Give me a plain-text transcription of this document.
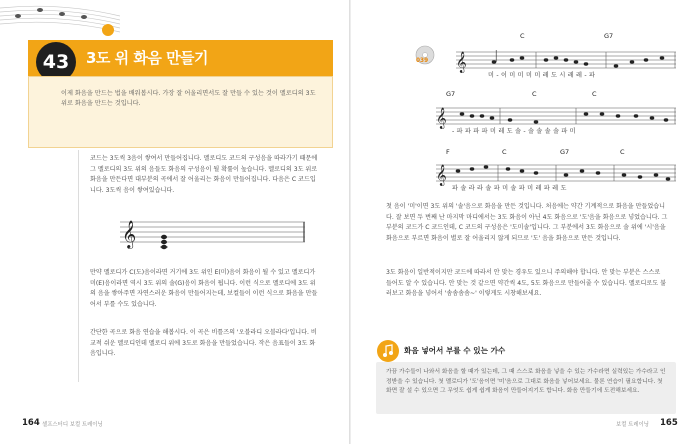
43	3도 위 화음 만들기
이제 화음을 만드는 법을 배워봅시다. 가장 잘 어울리면서도 잘 만들 수 있는 것이 멜로디의 3도 위로 화음을 만드는 것입니다.
코드는 3도씩 3음이 쌓여서 만들어집니다. 멜로디도 코드의 구성음을 따라가기 때문에 그 멜로디의 3도 위의 음들도 화음의 구성음이 될 확률이 높습니다. 멜로디의 3도 위로 화음을 만든다면 대부분의 곡에서 잘 어울리는 화음이 만들어집니다. 다음은 C 코드입니다. 3도씩 음이 쌓여있습니다.
𝄞
만약 멜로디가 C(도)음이라면 거기에 3도 위인 E(미)음이 화음이 될 수 있고 멜로디가 미(E)음이라면 역시 3도 위의 솔(G)음이 화음이 됩니다. 이런 식으로 멜로디에 3도 위의 음을 쌓아주면 자연스러운 화음이 만들어지는데, 보컬들이 이런 식으로 화음을 만들어서 부를 수도 있습니다.
간단한 곡으로 화음 연습을 해봅시다. 이 곡은 비틀즈의 '오블라디 오블라다'입니다. 비교적 쉬운 멜로디인데 멜로디 위에 3도로 화음을 만들었습니다. 작은 음표들이 3도 화음입니다.
164 셀프스터디 보컬 트레이닝
039 𝄞
𝄞
𝄞
C	G7
G7	C	C
F	C	G7	C
미 - 이 미 미 미 미 레 도 시 레 레 - 파
- 파 파 파 파 미 레 도 솔 - 솔 솔 솔 솔 파 미
파 솔 라 라 솔 파 미 솔 파 미 레 파 레 도
첫 음이 '미'이면 3도 위의 '솔'음으로 화음을 만든 것입니다. 처음에는 약간 기계적으로 화음을 만들었습니다. 잘 보면 두 번째 난 마지막 마디에서는 3도 화음이 아닌 4도 화음으로 '도'음을 화음으로 넣었습니다. 그 부분의 코드가 C 코드인데, C 코드의 구성음은 '도미솔'입니다. 그 부분에서 3도 화음으로 솔 위에 '시'음을 화음으로 부르면 화음이 별로 잘 어울리지 않게 되므로 '도' 음을 화음으로 만든 것입니다.
3도 화음이 일반적이지만 코드에 따라서 안 맞는 경우도 있으니 주의해야 합니다. 안 맞는 부분은 스스로 들어도 알 수 있습니다. 안 맞는 것 같으면 약간씩 4도, 5도 화음으로 만들어줄 수 있습니다. 멜로디로도 불러보고 화음을 넣어서 '솜솜솜솜~' 이렇게도 시창해보세요.
화음 넣어서 부를 수 있는 가수
가끔 가수들이 나와서 화음을 할 때가 있는데, 그 때 스스로 화음을 넣을 수 있는 가수라면 실력있는 가수라고 인정받을 수 있습니다. 첫 멜로디가 '도'음이면 '미'음으로 그대로 화음을 넣어보세요. 물론 연습이 필요합니다. 첫 화면 잘 설 수 있으면 그 무엇도 쉽게 쉽게 화음이 만들어지기도 합니다. 화음 만들기에 도전해보세요.
보컬 트레이닝 165
